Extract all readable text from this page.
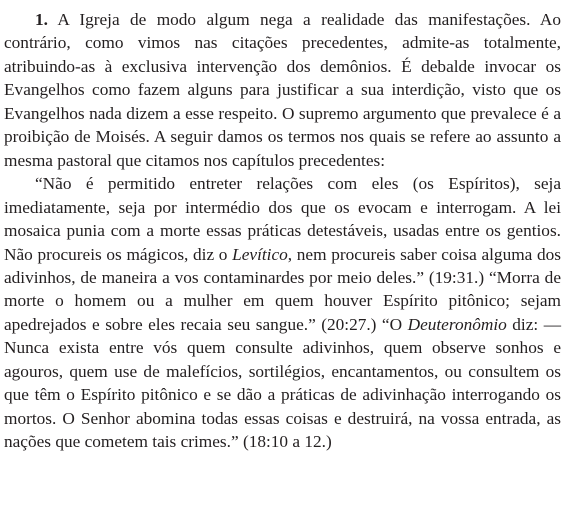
1. A Igreja de modo algum nega a realidade das manifestações. Ao contrário, como vimos nas citações precedentes, admite-as totalmente, atribuindo-as à exclusiva intervenção dos demônios. É debalde invocar os Evangelhos como fazem alguns para justificar a sua interdição, visto que os Evangelhos nada dizem a esse respeito. O supremo argumento que prevalece é a proibição de Moisés. A seguir damos os termos nos quais se refere ao assunto a mesma pastoral que citamos nos capítulos precedentes:

“Não é permitido entreter relações com eles (os Espíritos), seja imediatamente, seja por intermédio dos que os evocam e interrogam. A lei mosaica punia com a morte essas práticas detestáveis, usadas entre os gentios. Não procureis os mágicos, diz o Levítico, nem procureis saber coisa alguma dos adivinhos, de maneira a vos contaminardes por meio deles.” (19:31.) “Morra de morte o homem ou a mulher em quem houver Espírito pitônico; sejam apedrejados e sobre eles recaia seu sangue.” (20:27.) “O Deuteronômio diz: — Nunca exista entre vós quem consulte adivinhos, quem observe sonhos e agouros, quem use de malefícios, sortilégios, encantamentos, ou consultem os que têm o Espírito pitônico e se dão a práticas de adivinhação interrogando os mortos. O Senhor abomina todas essas coisas e destruirá, na vossa entrada, as nações que cometem tais crimes.” (18:10 a 12.)
